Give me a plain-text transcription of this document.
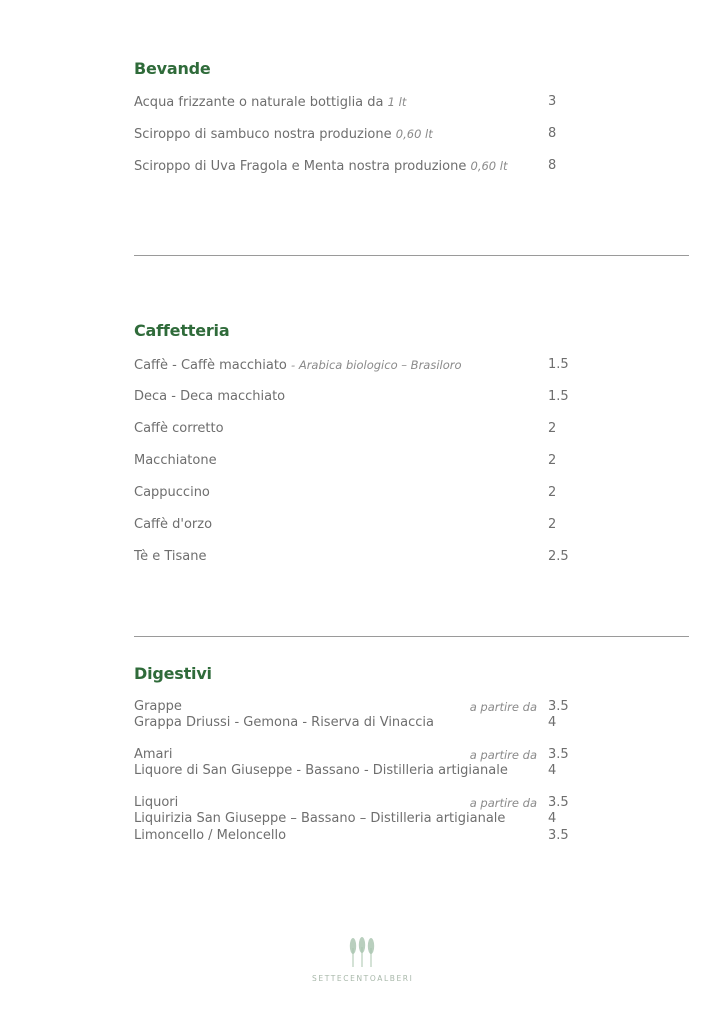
Bevande
Acqua frizzante o naturale bottiglia da 1 lt	3
Sciroppo di sambuco nostra produzione 0,60 lt	8
Sciroppo di Uva Fragola e Menta nostra produzione 0,60 lt	8
Caffetteria
Caffè - Caffè macchiato - Arabica biologico – Brasiloro	1.5
Deca - Deca macchiato	1.5
Caffè corretto	2
Macchiatone	2
Cappuccino	2
Caffè d'orzo	2
Tè e Tisane	2.5
Digestivi
Grappe	a partire da 3.5
Grappa Driussi - Gemona - Riserva di Vinaccia	4
Amari	a partire da 3.5
Liquore di San Giuseppe - Bassano - Distilleria artigianale	4
Liquori	a partire da 3.5
Liquirizia San Giuseppe – Bassano – Distilleria artigianale	4
Limoncello / Meloncello	3.5
SETTECENTOALBERI
